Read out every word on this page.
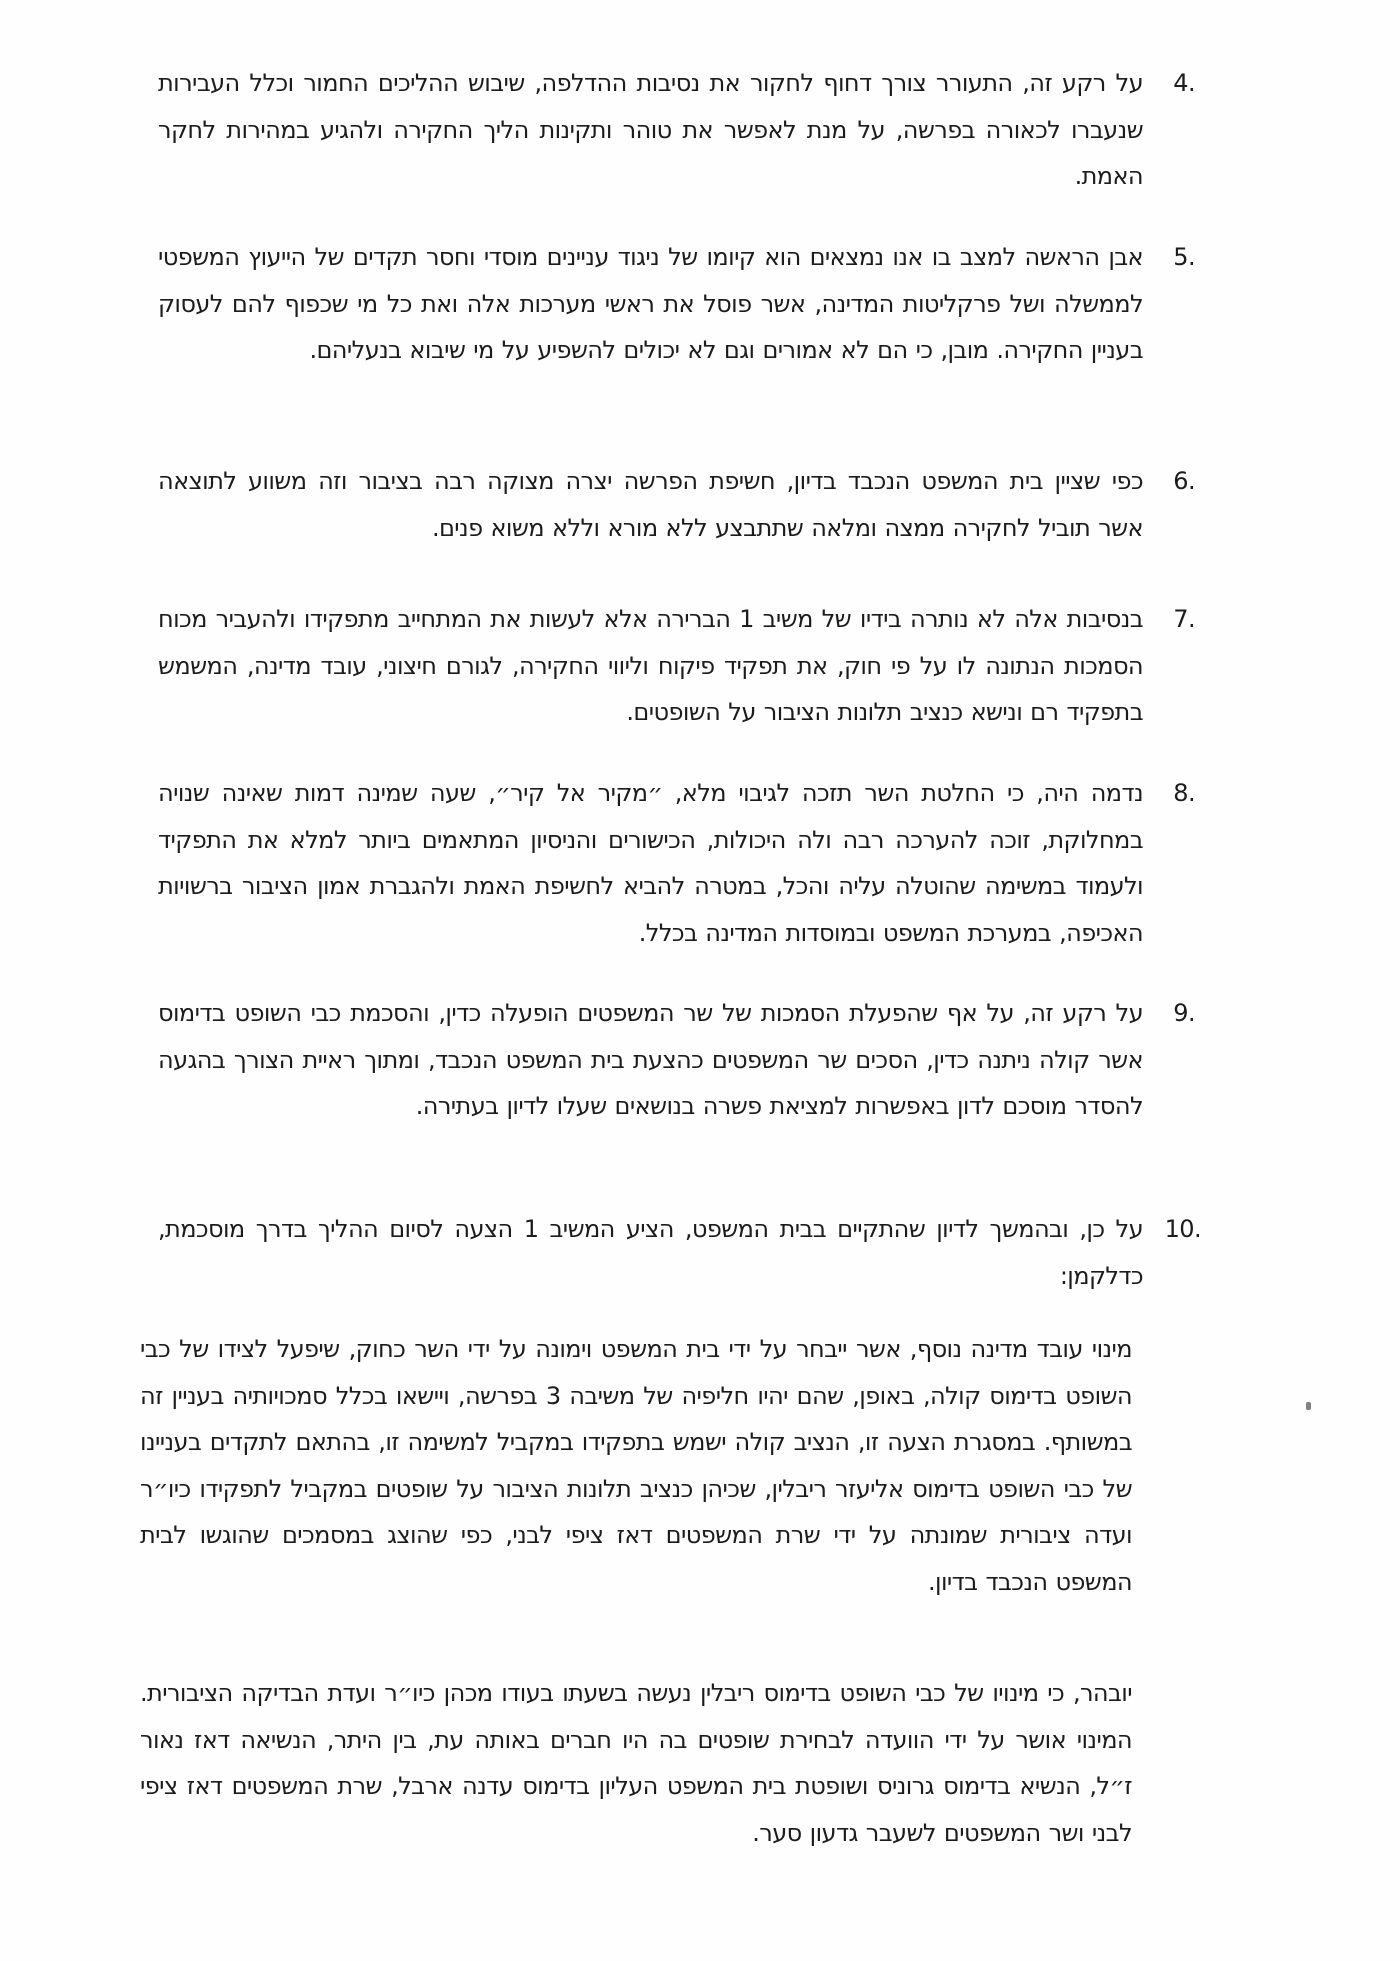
4.
על רקע זה, התעורר צורך דחוף לחקור את נסיבות ההדלפה, שיבוש ההליכים החמור וכלל העבירות שנעברו לכאורה בפרשה, על מנת לאפשר את טוהר ותקינות הליך החקירה ולהגיע במהירות לחקר האמת.
5.
אבן הראשה למצב בו אנו נמצאים הוא קיומו של ניגוד עניינים מוסדי וחסר תקדים של הייעוץ המשפטי לממשלה ושל פרקליטות המדינה, אשר פוסל את ראשי מערכות אלה ואת כל מי שכפוף להם לעסוק בעניין החקירה. מובן, כי הם לא אמורים וגם לא יכולים להשפיע על מי שיבוא בנעליהם.
6.
כפי שציין בית המשפט הנכבד בדיון, חשיפת הפרשה יצרה מצוקה רבה בציבור וזה משווע לתוצאה אשר תוביל לחקירה ממצה ומלאה שתתבצע ללא מורא וללא משוא פנים.
7.
בנסיבות אלה לא נותרה בידיו של משיב 1 הברירה אלא לעשות את המתחייב מתפקידו ולהעביר מכוח הסמכות הנתונה לו על פי חוק, את תפקיד פיקוח וליווי החקירה, לגורם חיצוני, עובד מדינה, המשמש בתפקיד רם ונישא כנציב תלונות הציבור על השופטים.
8.
נדמה היה, כי החלטת השר תזכה לגיבוי מלא, ״מקיר אל קיר״, שעה שמינה דמות שאינה שנויה במחלוקת, זוכה להערכה רבה ולה היכולות, הכישורים והניסיון המתאמים ביותר למלא את התפקיד ולעמוד במשימה שהוטלה עליה והכל, במטרה להביא לחשיפת האמת ולהגברת אמון הציבור ברשויות האכיפה, במערכת המשפט ובמוסדות המדינה בכלל.
9.
על רקע זה, על אף שהפעלת הסמכות של שר המשפטים הופעלה כדין, והסכמת כבי השופט בדימוס אשר קולה ניתנה כדין, הסכים שר המשפטים כהצעת בית המשפט הנכבד, ומתוך ראיית הצורך בהגעה להסדר מוסכם לדון באפשרות למציאת פשרה בנושאים שעלו לדיון בעתירה.
10.
על כן, ובהמשך לדיון שהתקיים בבית המשפט, הציע המשיב 1 הצעה לסיום ההליך בדרך מוסכמת, כדלקמן:
מינוי עובד מדינה נוסף, אשר ייבחר על ידי בית המשפט וימונה על ידי השר כחוק, שיפעל לצידו של כבי השופט בדימוס קולה, באופן, שהם יהיו חליפיה של משיבה 3 בפרשה, ויישאו בכלל סמכויותיה בעניין זה במשותף. במסגרת הצעה זו, הנציב קולה ישמש בתפקידו במקביל למשימה זו, בהתאם לתקדים בעניינו של כבי השופט בדימוס אליעזר ריבלין, שכיהן כנציב תלונות הציבור על שופטים במקביל לתפקידו כיו״ר ועדה ציבורית שמונתה על ידי שרת המשפטים דאז ציפי לבני, כפי שהוצג במסמכים שהוגשו לבית המשפט הנכבד בדיון.
יובהר, כי מינויו של כבי השופט בדימוס ריבלין נעשה בשעתו בעודו מכהן כיו״ר ועדת הבדיקה הציבורית. המינוי אושר על ידי הוועדה לבחירת שופטים בה היו חברים באותה עת, בין היתר, הנשיאה דאז נאור ז״ל, הנשיא בדימוס גרוניס ושופטת בית המשפט העליון בדימוס עדנה ארבל, שרת המשפטים דאז ציפי לבני ושר המשפטים לשעבר גדעון סער.
